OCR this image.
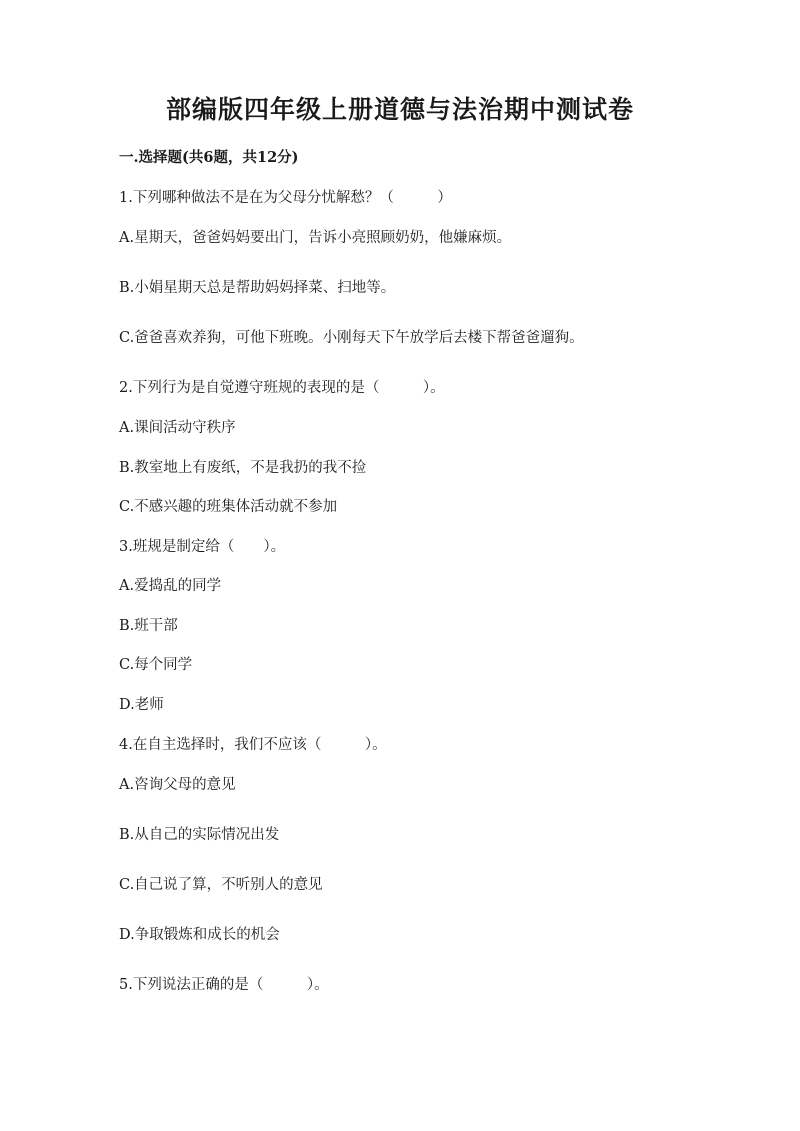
部编版四年级上册道德与法治期中测试卷
一.选择题(共6题，共12分)
1.下列哪种做法不是在为父母分忧解愁？（　　　）
A.星期天，爸爸妈妈要出门，告诉小亮照顾奶奶，他嫌麻烦。
B.小娟星期天总是帮助妈妈择菜、扫地等。
C.爸爸喜欢养狗，可他下班晚。小刚每天下午放学后去楼下帮爸爸遛狗。
2.下列行为是自觉遵守班规的表现的是（　　　）。
A.课间活动守秩序
B.教室地上有废纸，不是我扔的我不捡
C.不感兴趣的班集体活动就不参加
3.班规是制定给（　　）。
A.爱捣乱的同学
B.班干部
C.每个同学
D.老师
4.在自主选择时，我们不应该（　　　）。
A.咨询父母的意见
B.从自己的实际情况出发
C.自己说了算，不听别人的意见
D.争取锻炼和成长的机会
5.下列说法正确的是（　　　）。
